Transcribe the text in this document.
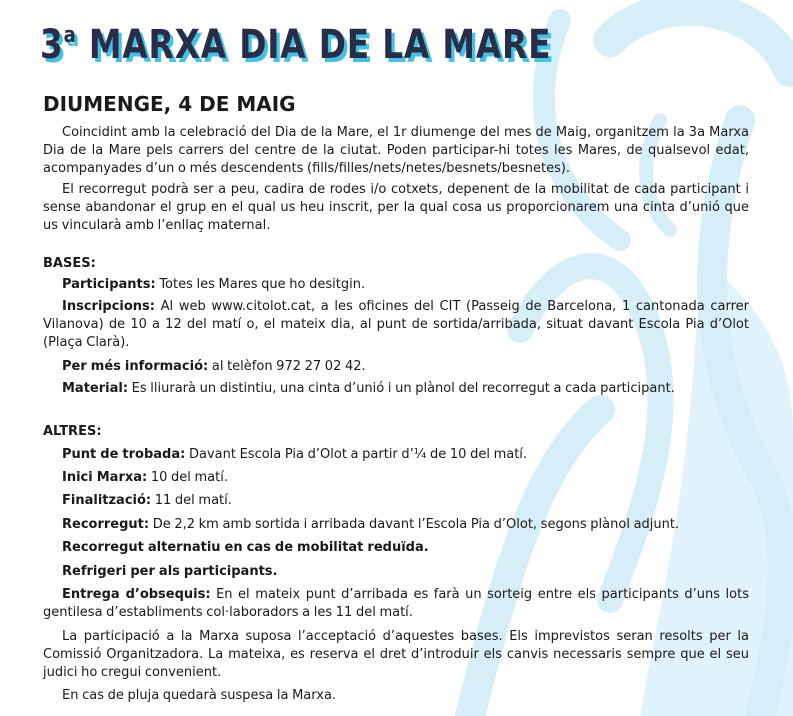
3$^a$ MARXA DIA DE LA MARE
DIUMENGE, 4 DE MAIG

Coincidint amb la celebració del Dia de la Mare, el 1r diumenge del mes de Maig, organitzem la 3a Marxa Dia de la Mare pels carrers del centre de la ciutat. Poden participar-hi totes les Mares, de qualsevol edat, acompanyades d’un o més descendents (fills/filles/nets/netes/besnets/besnetes).

El recorregut podrà ser a peu, cadira de rodes i/o cotxets, depenent de la mobilitat de cada participant i sense abandonar el grup en el qual us heu inscrit, per la qual cosa us proporcionarem una cinta d’unió que us vincularà amb l’enllaç maternal.

BASES:

Participants: Totes les Mares que ho desitgin.

Inscripcions: Al web www.citolot.cat, a les oficines del CIT (Passeig de Barcelona, 1 cantonada carrer Vilanova) de 10 a 12 del matí o, el mateix dia, al punt de sortida/arribada, situat davant Escola Pia d’Olot (Plaça Clarà).

Per més informació: al telèfon 972 27 02 42.

Material: Es lliurarà un distintiu, una cinta d’unió i un plànol del recorregut a cada participant.

ALTRES:

Punt de trobada: Davant Escola Pia d’Olot a partir d’¼ de 10 del matí.

Inici Marxa: 10 del matí.

Finalització: 11 del matí.

Recorregut: De 2,2 km amb sortida i arribada davant l’Escola Pia d’Olot, segons plànol adjunt.

Recorregut alternatiu en cas de mobilitat reduïda.

Refrigeri per als participants.

Entrega d’obsequis: En el mateix punt d’arribada es farà un sorteig entre els participants d’uns lots gentilesa d’establiments col·laboradors a les 11 del matí.

La participació a la Marxa suposa l’acceptació d’aquestes bases. Els imprevistos seran resolts per la Comissió Organitzadora. La mateixa, es reserva el dret d’introduir els canvis necessaris sempre que el seu judici ho cregui convenient.

En cas de pluja quedarà suspesa la Marxa.
